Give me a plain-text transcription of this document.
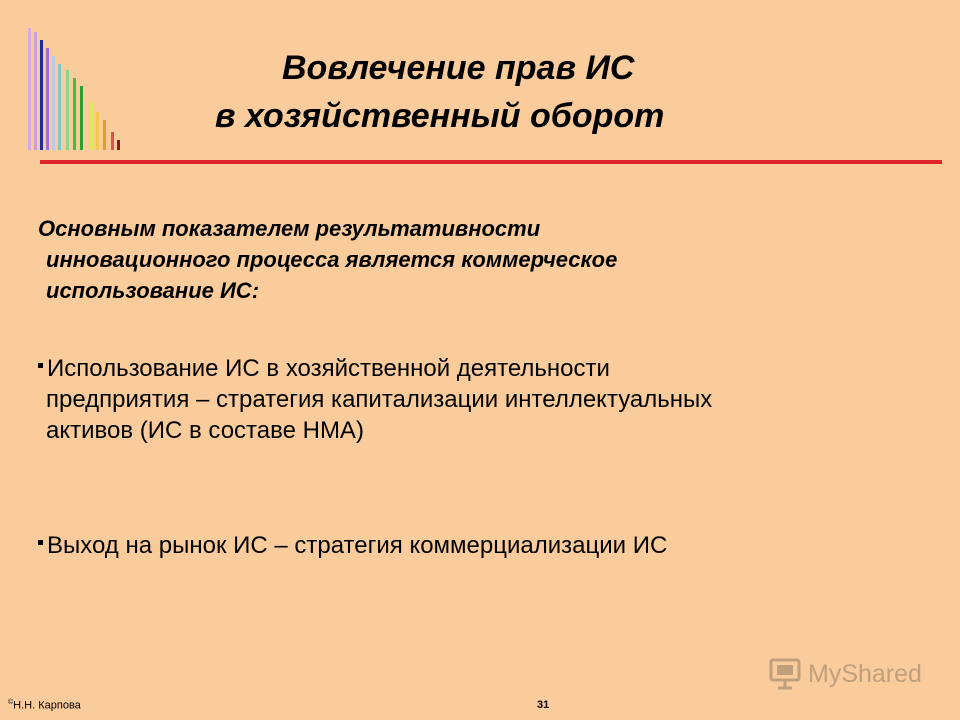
Вовлечение прав ИС
в хозяйственный оборот
Основным показателем результативности
инновационного процесса является коммерческое
использование ИС:
Использование ИС в хозяйственной деятельности
предприятия – стратегия капитализации интеллектуальных
активов (ИС в составе НМА)
Выход на рынок ИС – стратегия коммерциализации ИС
©Н.Н. Карпова	31
MyShared
